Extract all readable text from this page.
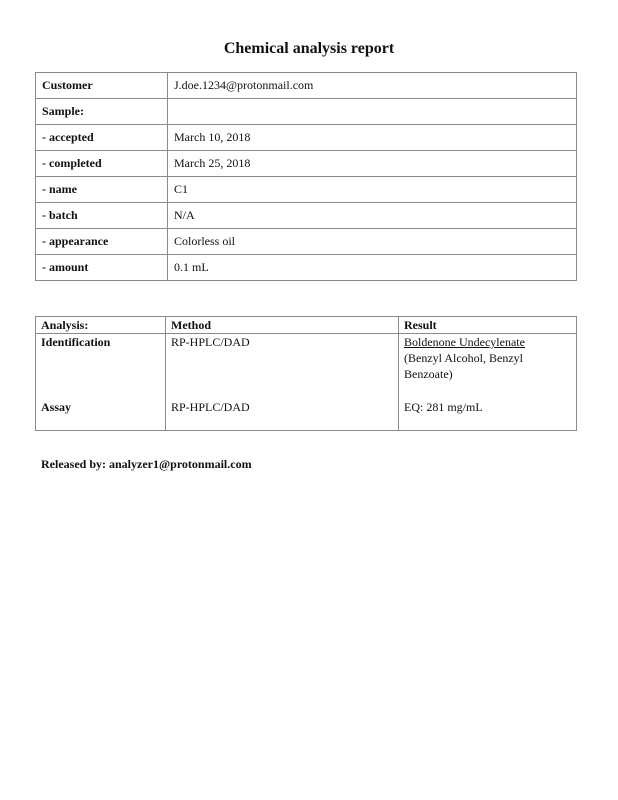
Chemical analysis report
Customer	J.doe.1234@protonmail.com
Sample:	
- accepted	March 10, 2018
- completed	March 25, 2018
- name	C1
- batch	N/A
- appearance	Colorless oil
- amount	0.1 mL
Analysis:	Method	Result
Identification	RP-HPLC/DAD	Boldenone Undecylenate
(Benzyl Alcohol, Benzyl
Benzoate)

Assay	RP-HPLC/DAD	EQ: 281 mg/mL
Released by: analyzer1@protonmail.com
